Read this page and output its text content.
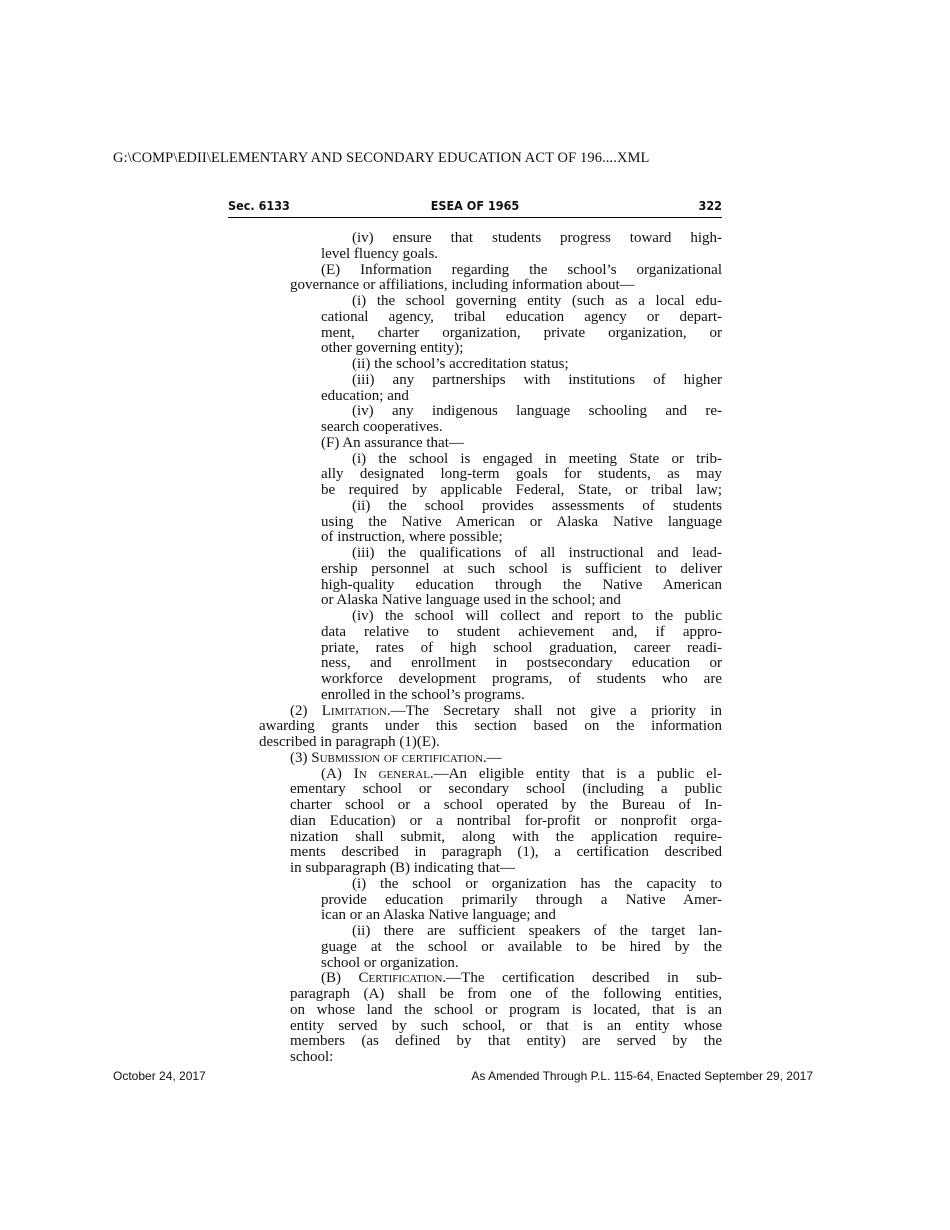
G:\COMP\EDII\ELEMENTARY AND SECONDARY EDUCATION ACT OF 196....XML
Sec. 6133	ESEA OF 1965	322
(iv) ensure that students progress toward high-
level fluency goals.
(E) Information regarding the school’s organizational
governance or affiliations, including information about—
(i) the school governing entity (such as a local edu-
cational agency, tribal education agency or depart-
ment, charter organization, private organization, or
other governing entity);
(ii) the school’s accreditation status;
(iii) any partnerships with institutions of higher
education; and
(iv) any indigenous language schooling and re-
search cooperatives.
(F) An assurance that—
(i) the school is engaged in meeting State or trib-
ally designated long-term goals for students, as may
be required by applicable Federal, State, or tribal law;
(ii) the school provides assessments of students
using the Native American or Alaska Native language
of instruction, where possible;
(iii) the qualifications of all instructional and lead-
ership personnel at such school is sufficient to deliver
high-quality education through the Native American
or Alaska Native language used in the school; and
(iv) the school will collect and report to the public
data relative to student achievement and, if appro-
priate, rates of high school graduation, career readi-
ness, and enrollment in postsecondary education or
workforce development programs, of students who are
enrolled in the school’s programs.
(2) Limitation.—The Secretary shall not give a priority in
awarding grants under this section based on the information
described in paragraph (1)(E).
(3) Submission of certification.—
(A) In general.—An eligible entity that is a public el-
ementary school or secondary school (including a public
charter school or a school operated by the Bureau of In-
dian Education) or a nontribal for-profit or nonprofit orga-
nization shall submit, along with the application require-
ments described in paragraph (1), a certification described
in subparagraph (B) indicating that—
(i) the school or organization has the capacity to
provide education primarily through a Native Amer-
ican or an Alaska Native language; and
(ii) there are sufficient speakers of the target lan-
guage at the school or available to be hired by the
school or organization.
(B) Certification.—The certification described in sub-
paragraph (A) shall be from one of the following entities,
on whose land the school or program is located, that is an
entity served by such school, or that is an entity whose
members (as defined by that entity) are served by the
school:
October 24, 2017	As Amended Through P.L. 115-64, Enacted September 29, 2017
